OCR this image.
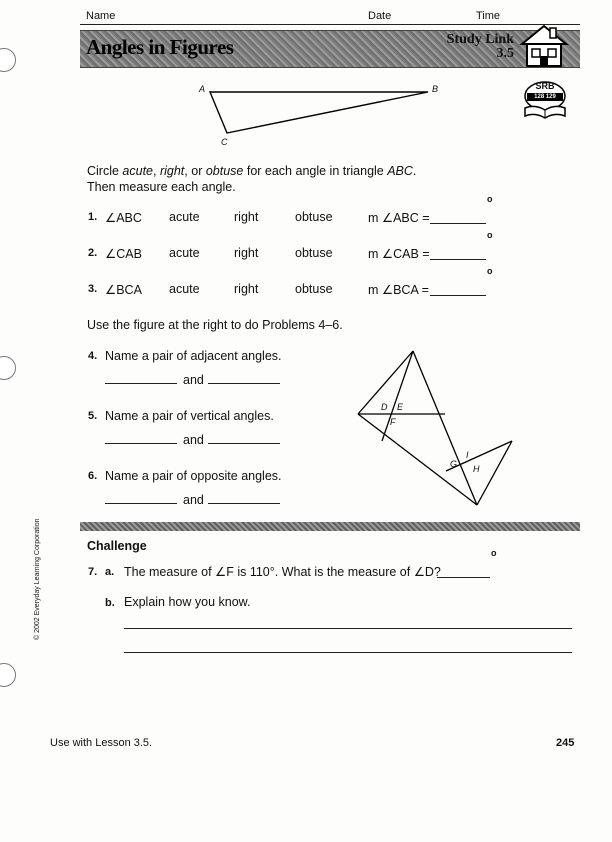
Name	Date	Time
Angles in Figures	Study Link
3.5
SRB
128 129
A	B
C
Circle acute, right, or obtuse for each angle in triangle ABC.
Then measure each angle.
1. ∠ABC acute	right	obtuse	m ∠ABC =
o
2. ∠CAB acute	right	obtuse	m ∠CAB =
o
3. ∠BCA acute	right	obtuse	m ∠BCA =
o
Use the figure at the right to do Problems 4–6.
4. Name a pair of adjacent angles.
and
5. Name a pair of vertical angles.
and
6. Name a pair of opposite angles.
and
D E
F
G H
I
Challenge
7. a. The measure of ∠F is 110°. What is the measure of ∠D?
o
b. Explain how you know.
© 2002 Everyday Learning Corporation
Use with Lesson 3.5.	245
